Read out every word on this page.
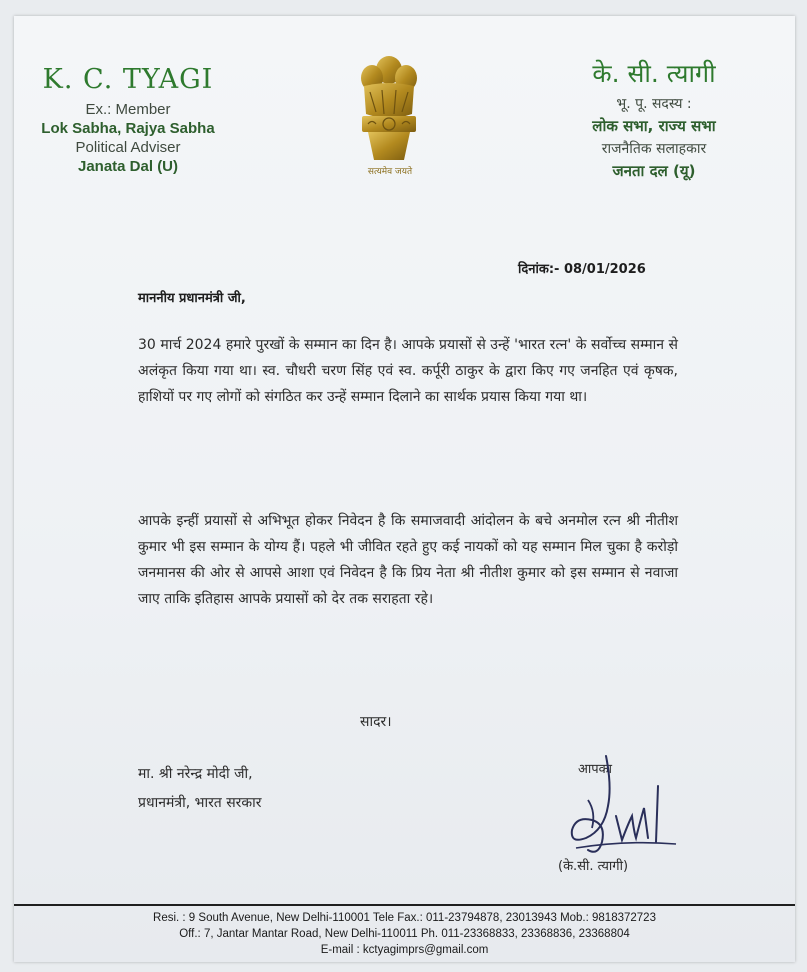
K. C. TYAGI
Ex.: Member
Lok Sabha, Rajya Sabha
Political Adviser
Janata Dal (U)	सत्यमेव जयते
के. सी. त्यागी
भू. पू. सदस्य :
लोक सभा, राज्य सभा
राजनैतिक सलाहकार
जनता दल (यू)
दिनांक:- 08/01/2026
माननीय प्रधानमंत्री जी,
30 मार्च 2024 हमारे पुरखों के सम्मान का दिन है। आपके प्रयासों से उन्हें 'भारत रत्न' के सर्वोच्च सम्मान से अलंकृत किया गया था। स्व. चौधरी चरण सिंह एवं स्व. कर्पूरी ठाकुर के द्वारा किए गए जनहित एवं कृषक, हाशियों पर गए लोगों को संगठित कर उन्हें सम्मान दिलाने का सार्थक प्रयास किया गया था।
आपके इन्हीं प्रयासों से अभिभूत होकर निवेदन है कि समाजवादी आंदोलन के बचे अनमोल रत्न श्री नीतीश कुमार भी इस सम्मान के योग्य हैं। पहले भी जीवित रहते हुए कई नायकों को यह सम्मान मिल चुका है करोड़ो जनमानस की ओर से आपसे आशा एवं निवेदन है कि प्रिय नेता श्री नीतीश कुमार को इस सम्मान से नवाजा जाए ताकि इतिहास आपके प्रयासों को देर तक सराहता रहे।
सादर।
मा. श्री नरेन्द्र मोदी जी,
प्रधानमंत्री, भारत सरकार
आपका
(के.सी. त्यागी)
Resi. : 9 South Avenue, New Delhi-110001 Tele Fax.: 011-23794878, 23013943 Mob.: 9818372723
Off.: 7, Jantar Mantar Road, New Delhi-110011 Ph. 011-23368833, 23368836, 23368804
E-mail : kctyagimprs@gmail.com
